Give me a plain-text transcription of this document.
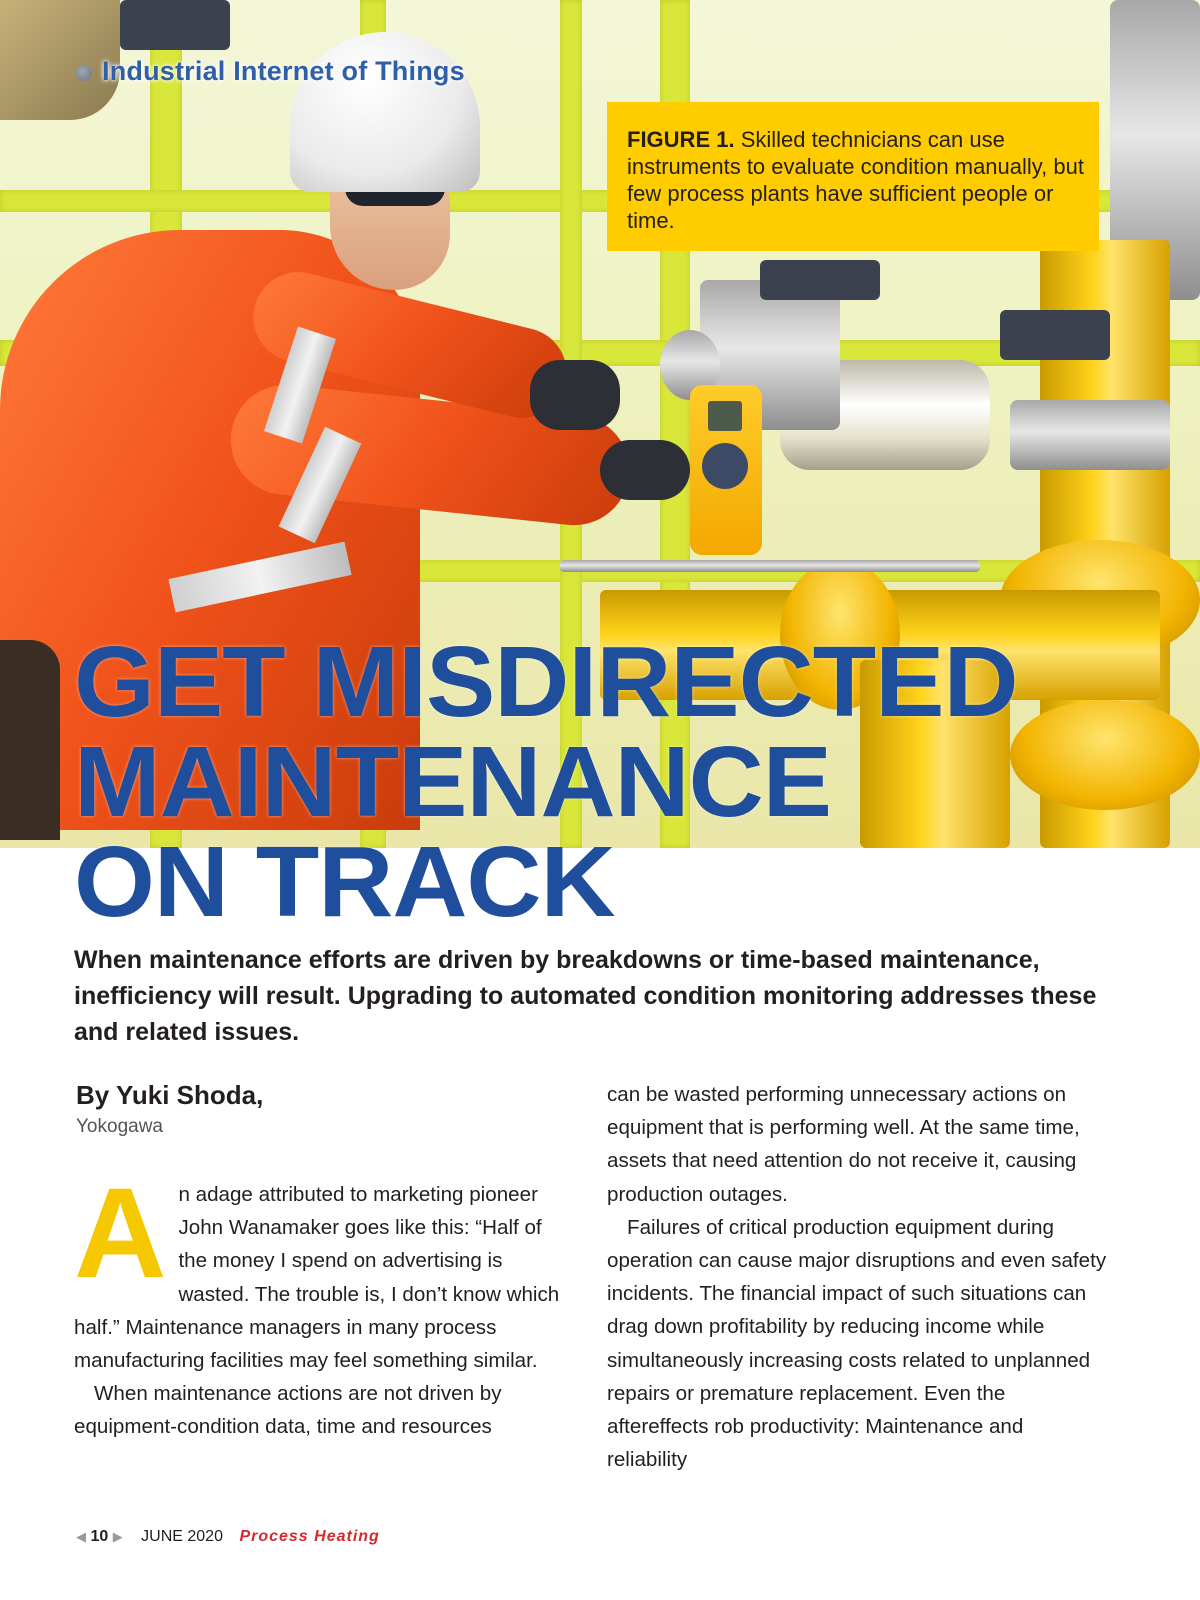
Industrial Internet of Things
FIGURE 1. Skilled technicians can use instruments to evaluate condition manually, but few process plants have sufficient people or time.
GET MISDIRECTED
MAINTENANCE
ON TRACK
When maintenance efforts are driven by breakdowns or time-based maintenance, inefficiency will result. Upgrading to automated condition monitoring addresses these and related issues.
By Yuki Shoda,
Yokogawa

An adage attributed to marketing pioneer John Wanamaker goes like this: “Half of the money I spend on advertising is wasted. The trouble is, I don’t know which half.” Maintenance managers in many process manufacturing facilities may feel something similar.

When maintenance actions are not driven by equipment-condition data, time and resources

can be wasted performing unnecessary actions on equipment that is performing well. At the same time, assets that need attention do not receive it, causing production outages.

Failures of critical production equipment during operation can cause major disruptions and even safety incidents. The financial impact of such situations can drag down profitability by reducing income while simultaneously increasing costs related to unplanned repairs or premature replacement. Even the aftereffects rob productivity: Maintenance and reliability

◀ 10 ▶ JUNE 2020 Process Heating
